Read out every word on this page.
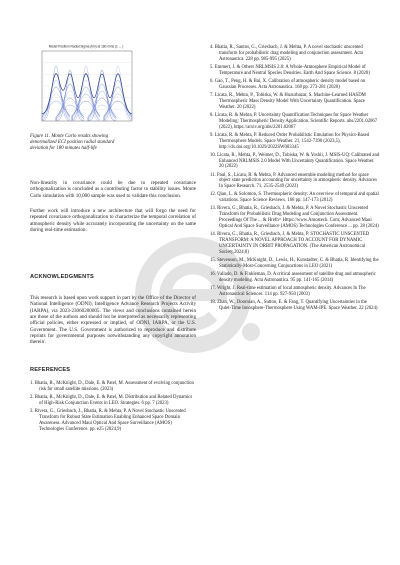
Model Position Radial Sigma (km) at 180 mins (1 ... )

Figure 11. Monte Carlo results showing denormalized ECI position radial standard deviation for 180 minutes half-life

Non-linearity in covariance could be due to repeated covariance orthogonalization is concluded as a contributing factor to stability issues. Monte Carlo simulation with 10,000 sample was used to validate this conclusion.

Further work will introduce a new architecture that will forgo the need for repeated covariance orthogonalization to characterize the temporal correlation of atmospheric density while accurately incorporating the uncertainty on the same during real-time estimation.

ACKNOWLEDGMENTS

This research is based upon work support in part by the Office of the Director of National Intelligence (ODNI), Intelligence Advance Research Projects Activity (IARPA), via 2023-23060200005. The views and conclusions contained herein are those of the authors and should not be interpreted as necessarily representing official policies, either expressed or implied, of ODNI, IARPA, or the U.S. Government. The U.S. Government is authorized to reproduce and distribute reprints for governmental purposes notwithstanding any copyright annotation therein'.

REFERENCES

1. Bhatia, R., McKnight, D., Dale, E. & Patel, M. Assessment of evolving conjunction risk for small satellite missions. (2023)

2. Bhatia, R., McKnight, D., Dale, E. & Patel, M. Distribution and Related Dynamics of High-Risk Conjunction Events in LEO. Strategies. 6 pp. 7 (2023)

3. Rivera, G., Griesbach, J., Bhatia, R. & Mehta, P. A Novel Stochastic Unscented Transform for Robust State Estimation Enabling Enhanced Space Domain Awareness. Advanced Maui Optical And Space Surveillance (AMOS) Technologies Conference. pp. e25 (2024,9)

4. Bhatia, R., Santos, G., Griesbach, J. & Mehta, P. A novel stochastic unscented transform for probabilistic drag modeling and conjunction assessment. Acta Astronautica. 228 pp. 985-995 (2025)

5. Emmert, J. & Others NRLMSIS 2.0: A Whole-Atmosphere Empirical Model of Temperature and Neutral Species Densities. Earth And Space Science. 8 (2020)

6. Gao, T., Peng, H. & Bai, X. Calibration of atmospheric density model based on Gaussian Processes. Acta Astronautica. 168 pp. 273-281 (2020)

7. Licata, R., Mehta, P., Tobiska, W. & Huzurbazar, S. Machine-Learned HASDM Thermospheric Mass Density Model With Uncertainty Quantification. Space Weather. 20 (2022)

8. Licata, R. & Mehta, P. Uncertainty Quantification Techniques for Space Weather Modeling: Thermospheric Density Application. Scientific Reports. abs/2201.02067 (2022), https://arxiv.org/abs/2201.02067

9. Licata, R. & Mehta, P. Reduced Order Probabilistic Emulation for Physics-Based Thermosphere Models. Space Weather. 21, 1542-7390 (2023,5), http://dx.doi.org/10.1029/2022SW003345

10. Licata, R., Mehta, P., Weimer, D., Tobiska, W. & Yoshii, J. MSIS-UQ: Calibrated and Enhanced NRLMSIS 2.0 Model With Uncertainty Quantification. Space Weather. 20 (2022)

11. Paul, S., Licata, R. & Mehta, P. Advanced ensemble modeling method for space object state prediction accounting for uncertainty in atmospheric density. Advances In Space Research. 71, 2535-2549 (2023)

12. Qian, L. & Solomon, S. Thermospheric density: An overview of temporal and spatial variations. Space Science Reviews. 168 pp. 147-173 (2012)

13. Rivera, G., Bhatia, R., Griesbach, J. & Mehta, P. A Novel Stochastic Unscented Transform for Probabilistic Drag Modeling and Conjunction Assessment. Proceedings Of The ... & Hrefn= Https://www.Amostech. Com; Advanced Maui Optical And Space Surveillance (AMOS) Technologies Conference ... pp. 28 (2024)

14. Rivera, G., Bhatia, R., Griesbach, J. & Mehta, P. STOCHASTIC UNSCENTED TRANSFORM: A NOVEL APPROACH TO ACCOUNT FOR DYNAMIC UNCERTAINTY IN ORBIT PROPAGATION. (The American Astronomical Society,2024,8)

15. Stevenson, M., McKnight, D., Lewis, H., Kunstadter, C. & Bhatia, R. Identifying the Statistically-Most-Concerning Conjunctions in LEO (2021)

16. Vallado, D. & Finkleman, D. A critical assessment of satellite drag and atmospheric density modeling. Acta Astronautica. 95 pp. 141-165 (2014)

17. Wright, J. Real-time estimation of local atmospheric density. Advances In The Astronautical Sciences. 114 pp. 927-950 (2003)

18. Zhan, W., Doornian, A., Sutton, E. & Fang, T. Quantifying Uncertainties in the Quiet-Time Ionosphere-Thermosphere Using WAM-IPE. Space Weather. 22 (2024)
